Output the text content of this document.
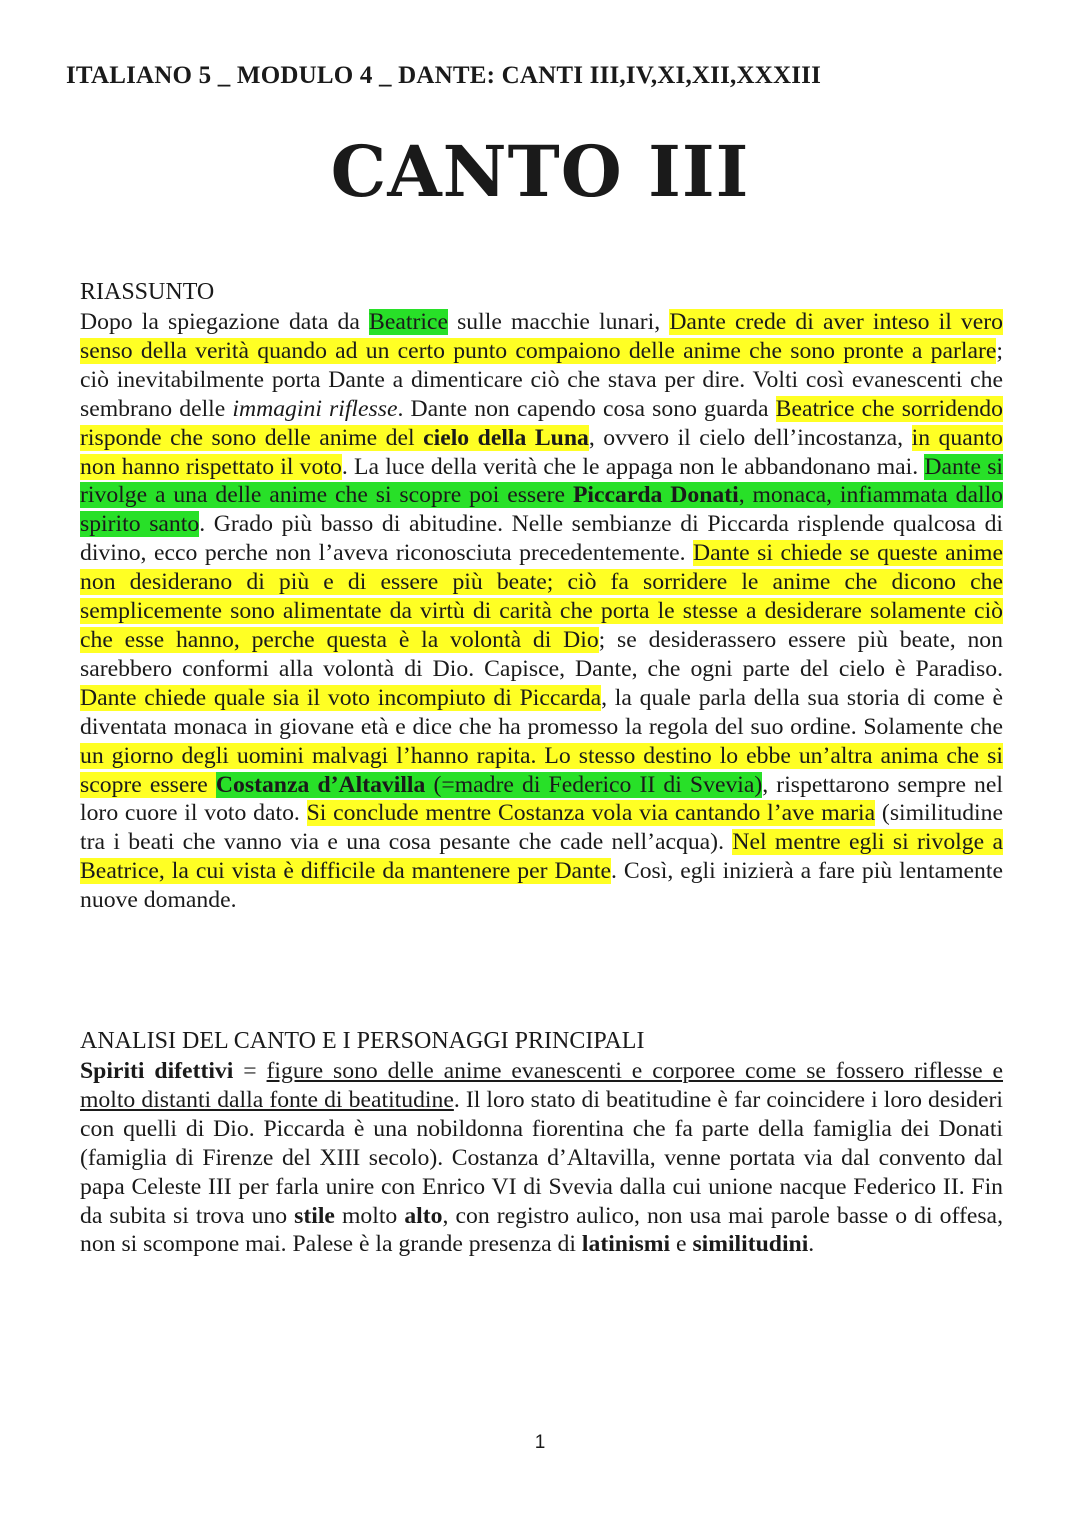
ITALIANO 5 _ MODULO 4 _ DANTE: CANTI III,IV,XI,XII,XXXIII
CANTO III
RIASSUNTO
Dopo la spiegazione data da Beatrice sulle macchie lunari, Dante crede di aver inteso il vero senso della verità quando ad un certo punto compaiono delle anime che sono pronte a parlare; ciò inevitabilmente porta Dante a dimenticare ciò che stava per dire. Volti così evanescenti che sembrano delle immagini riflesse. Dante non capendo cosa sono guarda Beatrice che sorridendo risponde che sono delle anime del cielo della Luna, ovvero il cielo dell’incostanza, in quanto non hanno rispettato il voto. La luce della verità che le appaga non le abbandonano mai. Dante si rivolge a una delle anime che si scopre poi essere Piccarda Donati, monaca, infiammata dallo spirito santo. Grado più basso di abitudine. Nelle sembianze di Piccarda risplende qualcosa di divino, ecco perche non l’aveva riconosciuta precedentemente. Dante si chiede se queste anime non desiderano di più e di essere più beate; ciò fa sorridere le anime che dicono che semplicemente sono alimentate da virtù di carità che porta le stesse a desiderare solamente ciò che esse hanno, perche questa è la volontà di Dio; se desiderassero essere più beate, non sarebbero conformi alla volontà di Dio. Capisce, Dante, che ogni parte del cielo è Paradiso. Dante chiede quale sia il voto incompiuto di Piccarda, la quale parla della sua storia di come è diventata monaca in giovane età e dice che ha promesso la regola del suo ordine. Solamente che un giorno degli uomini malvagi l’hanno rapita. Lo stesso destino lo ebbe un’altra anima che si scopre essere Costanza d’Altavilla (=madre di Federico II di Svevia), rispettarono sempre nel loro cuore il voto dato. Si conclude mentre Costanza vola via cantando l’ave maria (similitudine tra i beati che vanno via e una cosa pesante che cade nell’acqua). Nel mentre egli si rivolge a Beatrice, la cui vista è difficile da mantenere per Dante. Così, egli inizierà a fare più lentamente nuove domande.
ANALISI DEL CANTO E I PERSONAGGI PRINCIPALI
Spiriti difettivi = figure sono delle anime evanescenti e corporee come se fossero riflesse e molto distanti dalla fonte di beatitudine. Il loro stato di beatitudine è far coincidere i loro desideri con quelli di Dio. Piccarda è una nobildonna fiorentina che fa parte della famiglia dei Donati (famiglia di Firenze del XIII secolo). Costanza d’Altavilla, venne portata via dal convento dal papa Celeste III per farla unire con Enrico VI di Svevia dalla cui unione nacque Federico II. Fin da subita si trova uno stile molto alto, con registro aulico, non usa mai parole basse o di offesa, non si scompone mai. Palese è la grande presenza di latinismi e similitudini.
1
